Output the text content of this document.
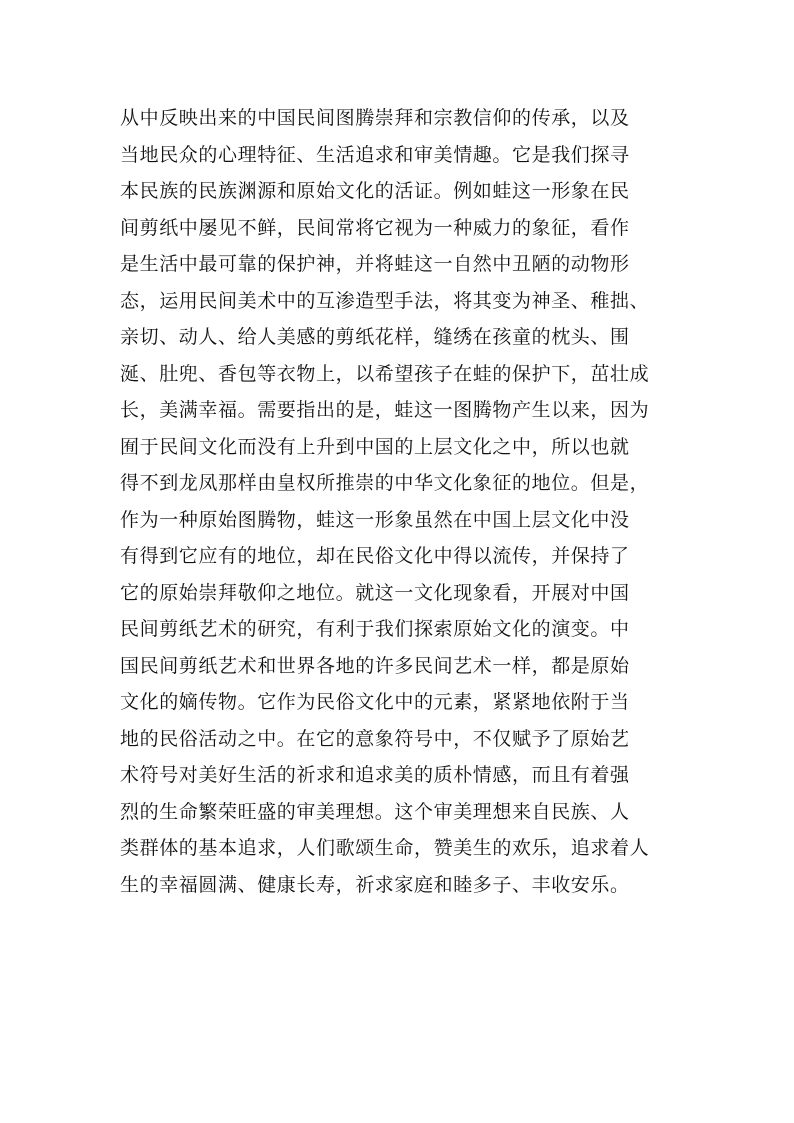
从中反映出来的中国民间图腾崇拜和宗教信仰的传承，以及
当地民众的心理特征、生活追求和审美情趣。它是我们探寻
本民族的民族渊源和原始文化的活证。例如蛙这一形象在民
间剪纸中屡见不鲜，民间常将它视为一种威力的象征，看作
是生活中最可靠的保护神，并将蛙这一自然中丑陋的动物形
态，运用民间美术中的互渗造型手法，将其变为神圣、稚拙、
亲切、动人、给人美感的剪纸花样，缝绣在孩童的枕头、围
涎、肚兜、香包等衣物上，以希望孩子在蛙的保护下，茁壮成
长，美满幸福。需要指出的是，蛙这一图腾物产生以来，因为
囿于民间文化而没有上升到中国的上层文化之中，所以也就
得不到龙凤那样由皇权所推崇的中华文化象征的地位。但是，
作为一种原始图腾物，蛙这一形象虽然在中国上层文化中没
有得到它应有的地位，却在民俗文化中得以流传，并保持了
它的原始崇拜敬仰之地位。就这一文化现象看，开展对中国
民间剪纸艺术的研究，有利于我们探索原始文化的演变。中
国民间剪纸艺术和世界各地的许多民间艺术一样，都是原始
文化的嫡传物。它作为民俗文化中的元素，紧紧地依附于当
地的民俗活动之中。在它的意象符号中，不仅赋予了原始艺
术符号对美好生活的祈求和追求美的质朴情感，而且有着强
烈的生命繁荣旺盛的审美理想。这个审美理想来自民族、人
类群体的基本追求，人们歌颂生命，赞美生的欢乐，追求着人
生的幸福圆满、健康长寿，祈求家庭和睦多子、丰收安乐。
